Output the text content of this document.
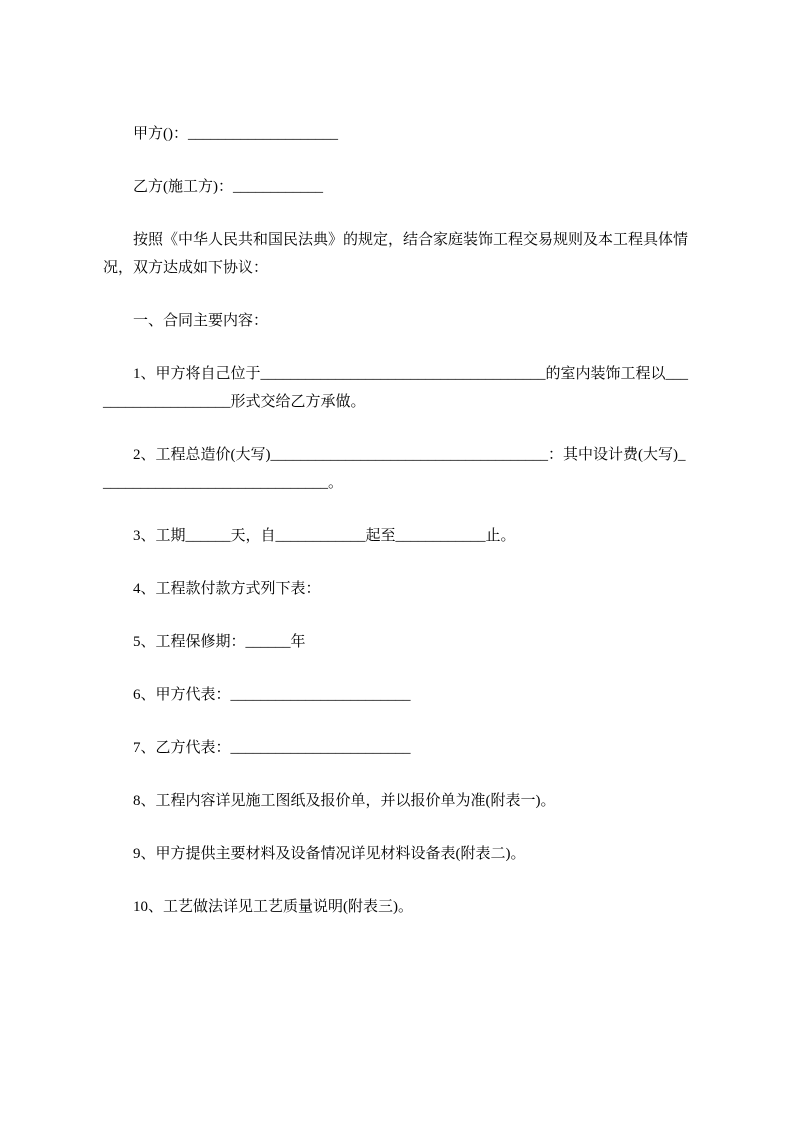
甲方()：____________________

乙方(施工方)：____________

按照《中华人民共和国民法典》的规定，结合家庭装饰工程交易规则及本工程具体情况，双方达成如下协议：

一、合同主要内容：

1、甲方将自己位于______________________________________的室内装饰工程以____________________形式交给乙方承做。

2、工程总造价(大写)_____________________________________：其中设计费(大写)_______________________________。

3、工期______天，自____________起至____________止。

4、工程款付款方式列下表：

5、工程保修期：______年

6、甲方代表：________________________

7、乙方代表：________________________

8、工程内容详见施工图纸及报价单，并以报价单为准(附表一)。

9、甲方提供主要材料及设备情况详见材料设备表(附表二)。

10、工艺做法详见工艺质量说明(附表三)。
